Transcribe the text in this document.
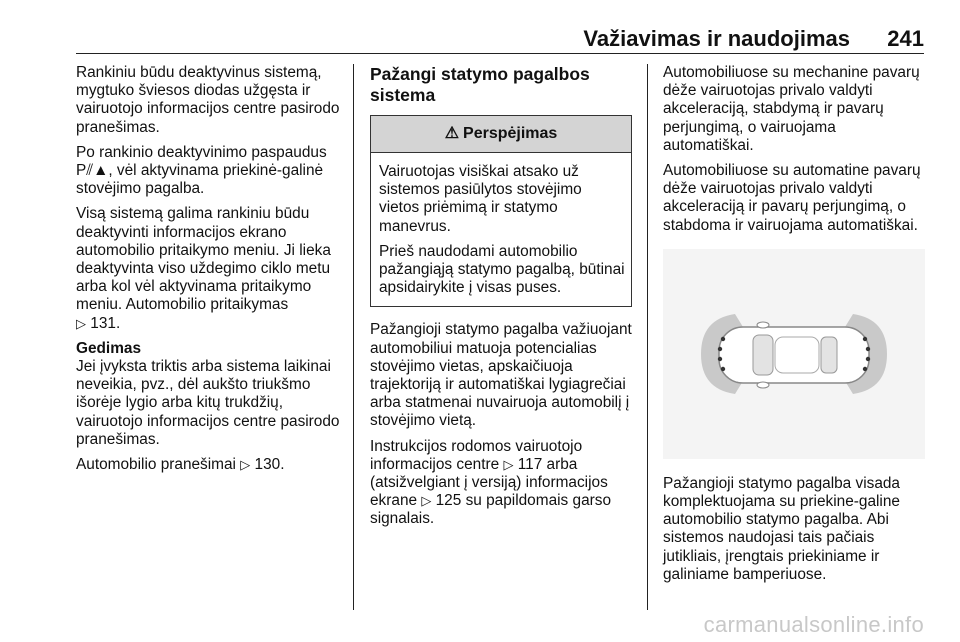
Važiavimas ir naudojimas 241

Rankiniu būdu deaktyvinus sistemą, mygtuko šviesos diodas užgęsta ir vairuotojo informacijos centre pasirodo pranešimas.

Po rankinio deaktyvinimo paspaudus P⫽▲, vėl aktyvinama priekinė-galinė stovėjimo pagalba.

Visą sistemą galima rankiniu būdu deaktyvinti informacijos ekrano automobilio pritaikymo meniu. Ji lieka deaktyvinta viso uždegimo ciklo metu arba kol vėl aktyvinama pritaikymo meniu. Automobilio pritaikymas
▷ 131.

Gedimas

Jei įvyksta triktis arba sistema laikinai neveikia, pvz., dėl aukšto triukšmo išorėje lygio arba kitų trukdžių, vairuotojo informacijos centre pasirodo pranešimas.

Automobilio pranešimai ▷ 130.

Pažangi statymo pagalbos sistema
⚠ Perspėjimas

Vairuotojas visiškai atsako už sistemos pasiūlytos stovėjimo vietos priėmimą ir statymo manevrus.

Prieš naudodami automobilio pažangiąją statymo pagalbą, būtinai apsidairykite į visas puses.

Pažangioji statymo pagalba važiuojant automobiliui matuoja potencialias stovėjimo vietas, apskaičiuoja trajektoriją ir automatiškai lygiagrečiai arba statmenai nuvairuoja automobilį į stovėjimo vietą.

Instrukcijos rodomos vairuotojo informacijos centre ▷ 117 arba (atsižvelgiant į versiją) informacijos ekrane ▷ 125 su papildomais garso signalais.

Automobiliuose su mechanine pavarų dėže vairuotojas privalo valdyti akceleraciją, stabdymą ir pavarų perjungimą, o vairuojama automatiškai.

Automobiliuose su automatine pavarų dėže vairuotojas privalo valdyti akceleraciją ir pavarų perjungimą, o stabdoma ir vairuojama automatiškai.

Pažangioji statymo pagalba visada komplektuojama su priekine-galine automobilio statymo pagalba. Abi sistemos naudojasi tais pačiais jutikliais, įrengtais priekiniame ir galiniame bamperiuose.

carmanualsonline.info
